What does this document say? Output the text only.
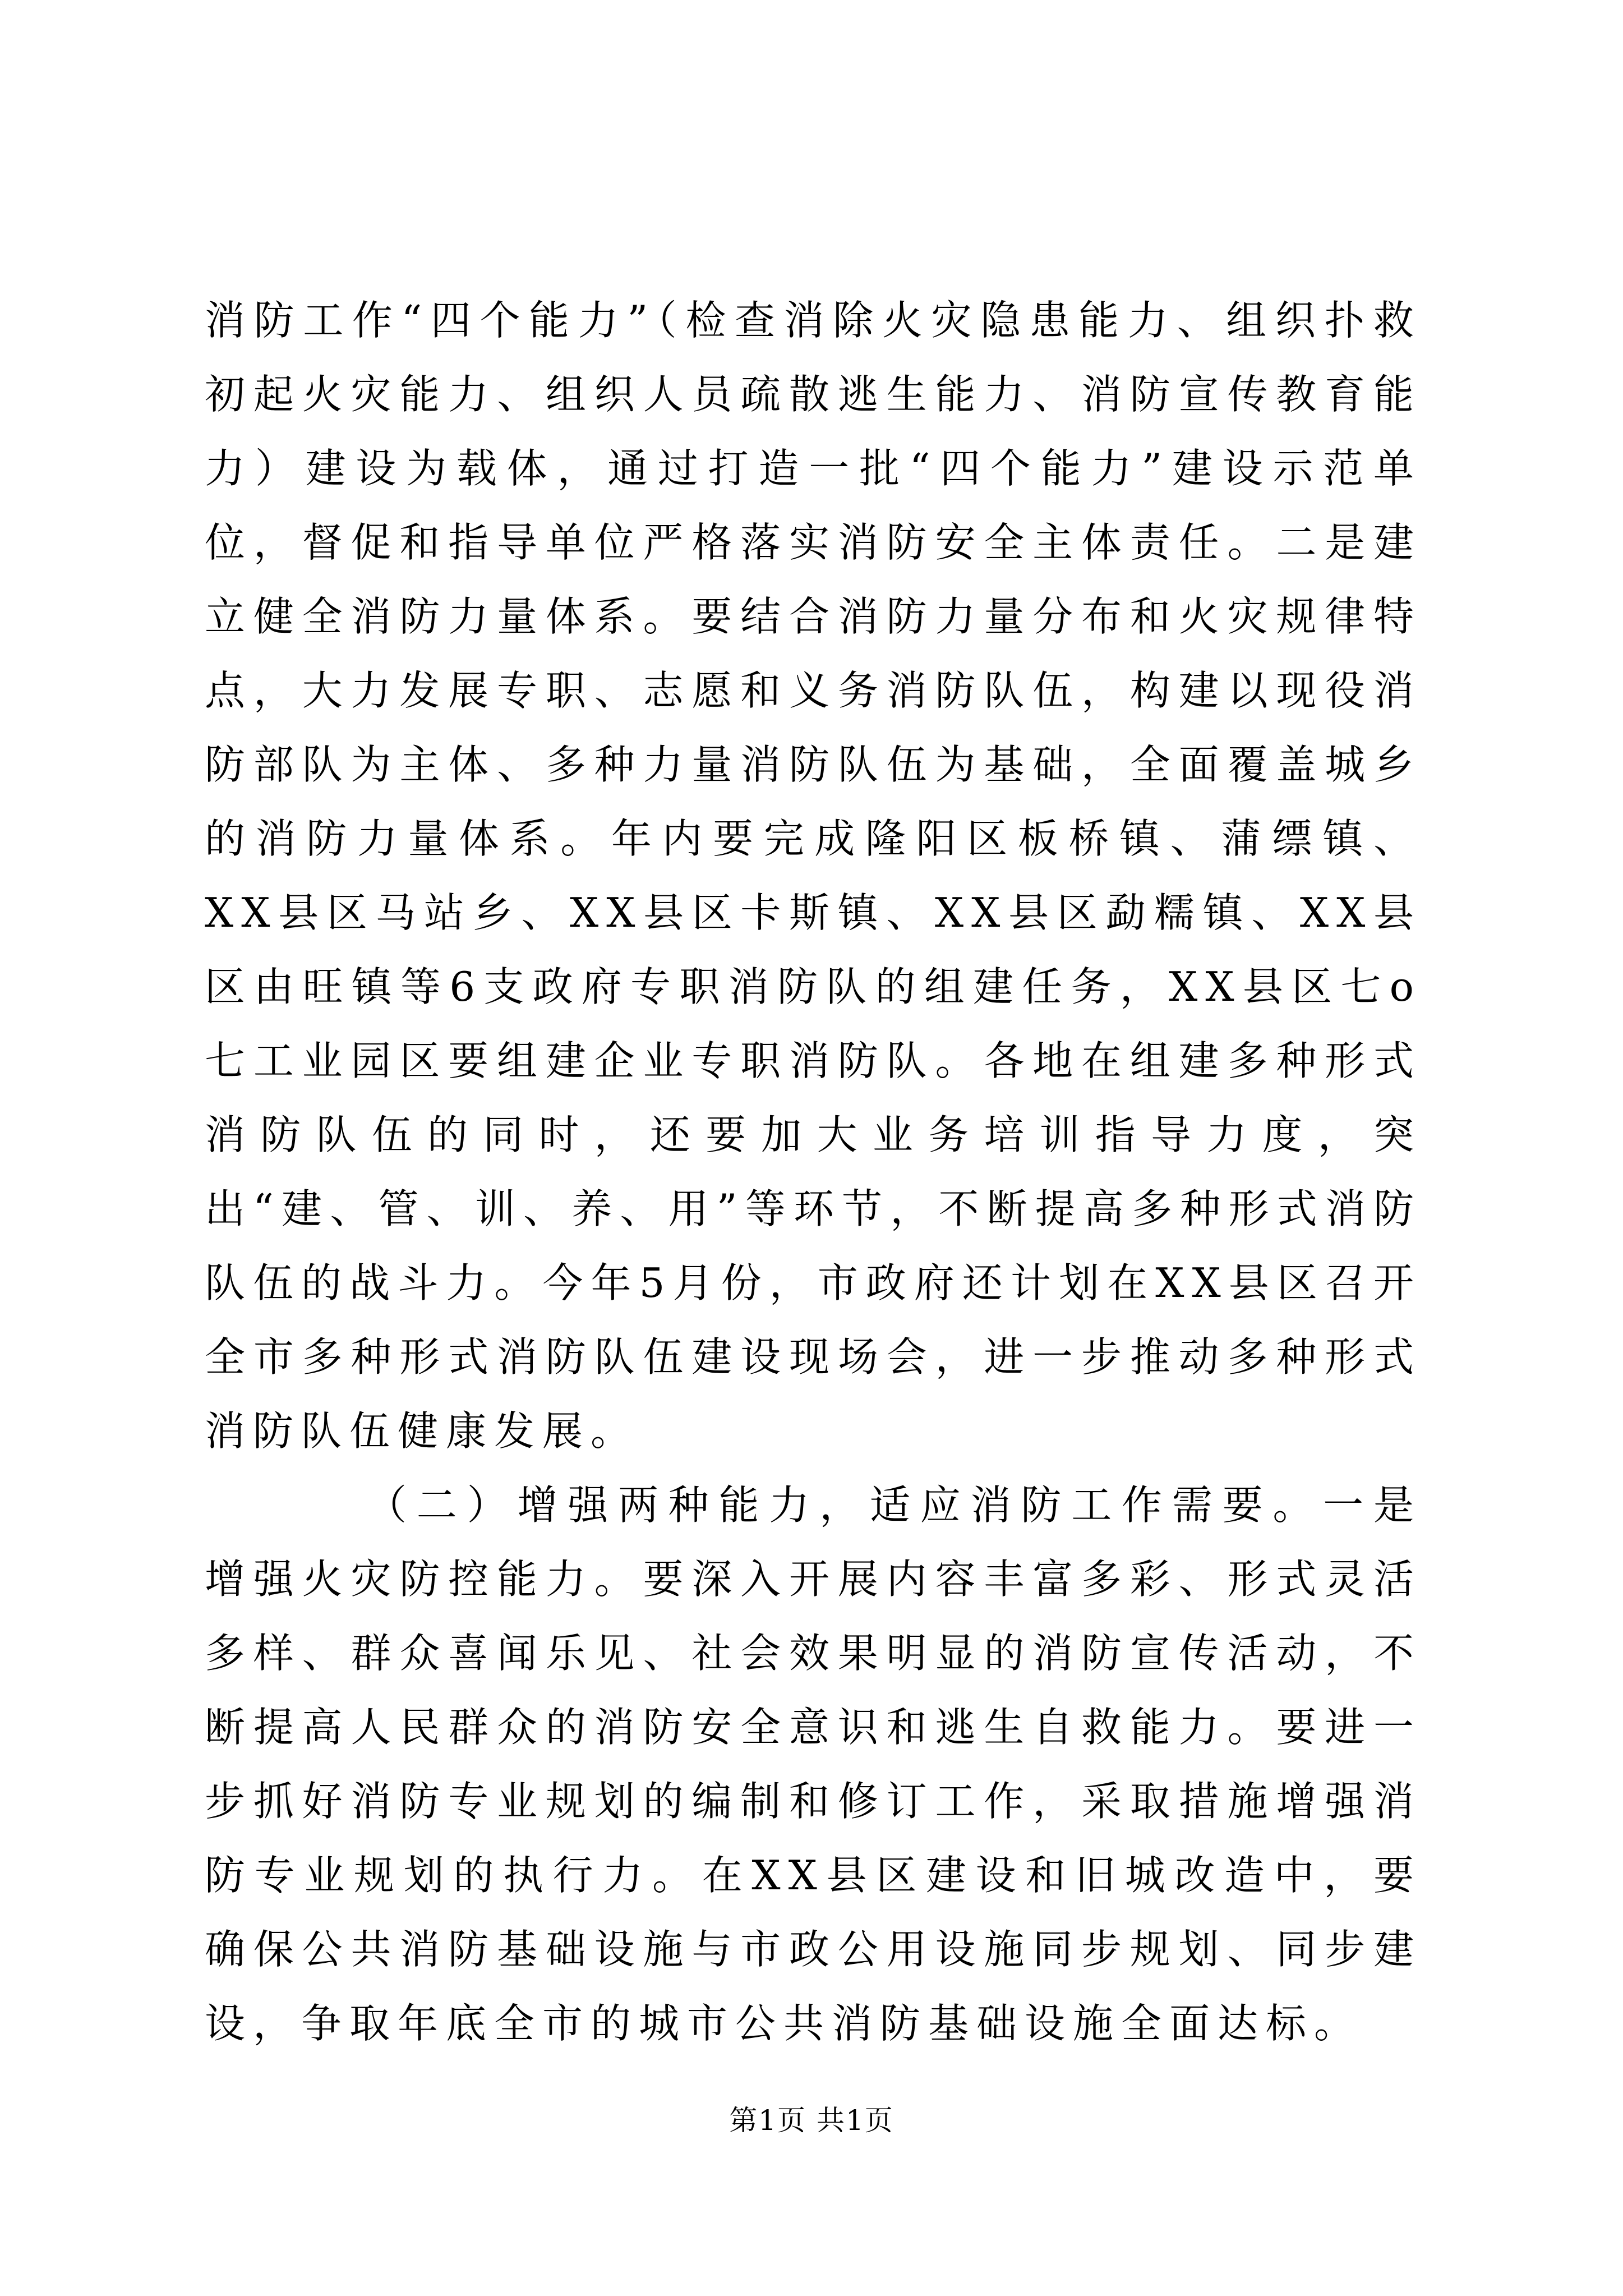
消防工作“四个能力”（检查消除火灾隐患能力、组织扑救初起火灾能力、组织人员疏散逃生能力、消防宣传教育能力）建设为载体，通过打造一批“四个能力”建设示范单位，督促和指导单位严格落实消防安全主体责任。二是建立健全消防力量体系。要结合消防力量分布和火灾规律特点，大力发展专职、志愿和义务消防队伍，构建以现役消防部队为主体、多种力量消防队伍为基础，全面覆盖城乡的消防力量体系。年内要完成隆阳区板桥镇、蒲缥镇、XX县区马站乡、XX县区卡斯镇、XX县区勐糯镇、XX县区由旺镇等6支政府专职消防队的组建任务，XX县区七o七工业园区要组建企业专职消防队。各地在组建多种形式消防队伍的同时，还要加大业务培训指导力度，突出“建、管、训、养、用”等环节，不断提高多种形式消防队伍的战斗力。今年5月份，市政府还计划在XX县区召开全市多种形式消防队伍建设现场会，进一步推动多种形式消防队伍健康发展。

（二）增强两种能力，适应消防工作需要。一是增强火灾防控能力。要深入开展内容丰富多彩、形式灵活多样、群众喜闻乐见、社会效果明显的消防宣传活动，不断提高人民群众的消防安全意识和逃生自救能力。要进一步抓好消防专业规划的编制和修订工作，采取措施增强消防专业规划的执行力。在XX县区建设和旧城改造中，要确保公共消防基础设施与市政公用设施同步规划、同步建设，争取年底全市的城市公共消防基础设施全面达标。

第1页 共1页
